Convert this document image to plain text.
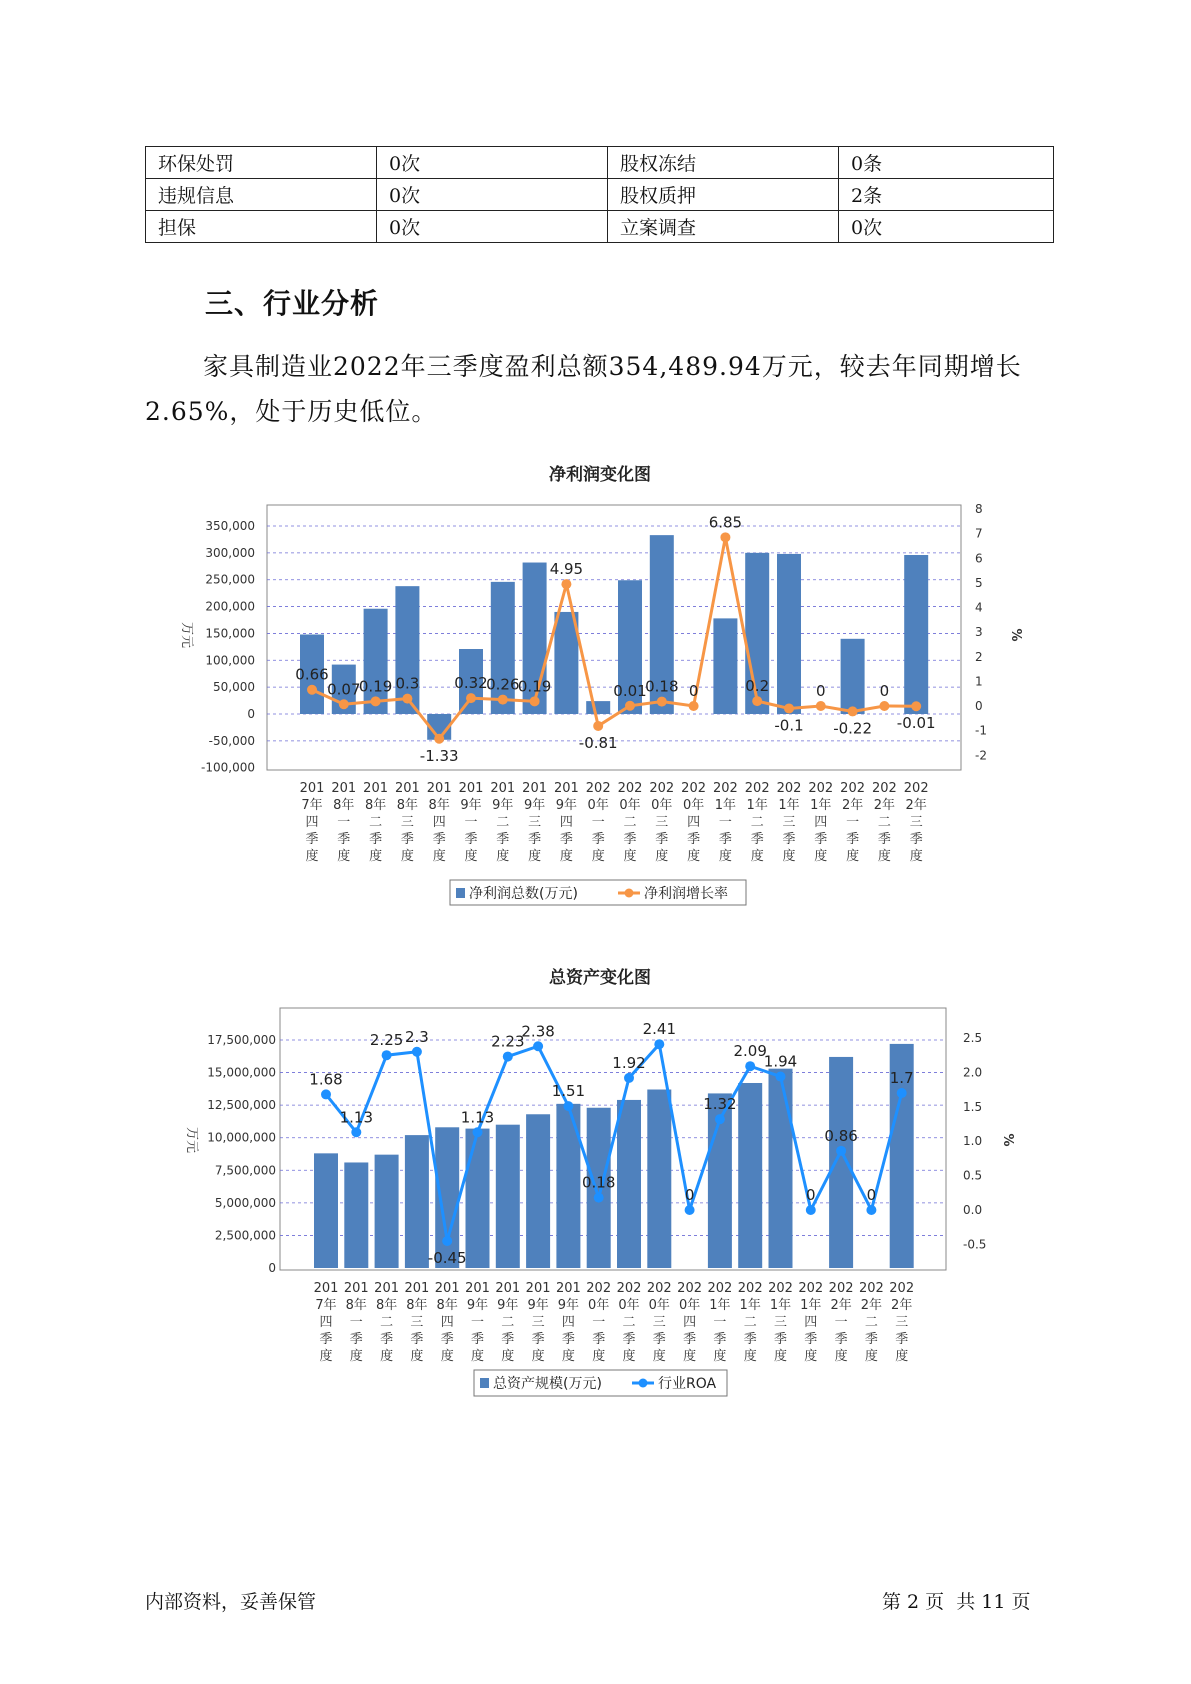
环保处罚	0次	股权冻结	0条
违规信息	0次	股权质押	2条
担保	0次	立案调查	0次
三、行业分析
家具制造业2022年三季度盈利总额354,489.94万元，较去年同期增长2.65%，处于历史低位。
净利润变化图
-100,000
-50,000
0
50,000
100,000
150,000
200,000
250,000
300,000
350,000
-2
-1
0
1
2
3
4
5
6
7
8
万元	%
0.66
0.07
0.19 0.3
-1.33
0.32
0.26
0.19
4.95
-0.81
0.01
0.18 0
6.85
0.2
-0.1
0
-0.22
0
-0.01
201
7年
四
季
度
201
8年
一
季
度
201
8年
二
季
度
201
8年
三
季
度
201
8年
四
季
度
201
9年
一
季
度
201
9年
二
季
度
201
9年
三
季
度
201
9年
四
季
度
202
0年
一
季
度
202
0年
二
季
度
202
0年
三
季
度
202
0年
四
季
度
202
1年
一
季
度
202
1年
二
季
度
202
1年
三
季
度
202
1年
四
季
度
202
2年
一
季
度
202
2年
二
季
度
202
2年
三
季
度
净利润总数(万元)	净利润增长率
总资产变化图
0
2,500,000
5,000,000
7,500,000
10,000,000
12,500,000
15,000,000
17,500,000
-0.5
0.0
0.5
1.0
1.5
2.0
2.5
万元	%
1.68
1.13
2.25 2.3
-0.45
1.13
2.23
2.38
1.51
0.18
1.92
2.41
0
1.32
2.09
1.94
0
0.86
0
1.7
201
7年
四
季
度
201
8年
一
季
度
201
8年
二
季
度
201
8年
三
季
度
201
8年
四
季
度
201
9年
一
季
度
201
9年
二
季
度
201
9年
三
季
度
201
9年
四
季
度
202
0年
一
季
度
202
0年
二
季
度
202
0年
三
季
度
202
0年
四
季
度
202
1年
一
季
度
202
1年
二
季
度
202
1年
三
季
度
202
1年
四
季
度
202
2年
一
季
度
202
2年
二
季
度
202
2年
三
季
度
总资产规模(万元)	行业ROA
内部资料，妥善保管	第 2 页  共 11 页
